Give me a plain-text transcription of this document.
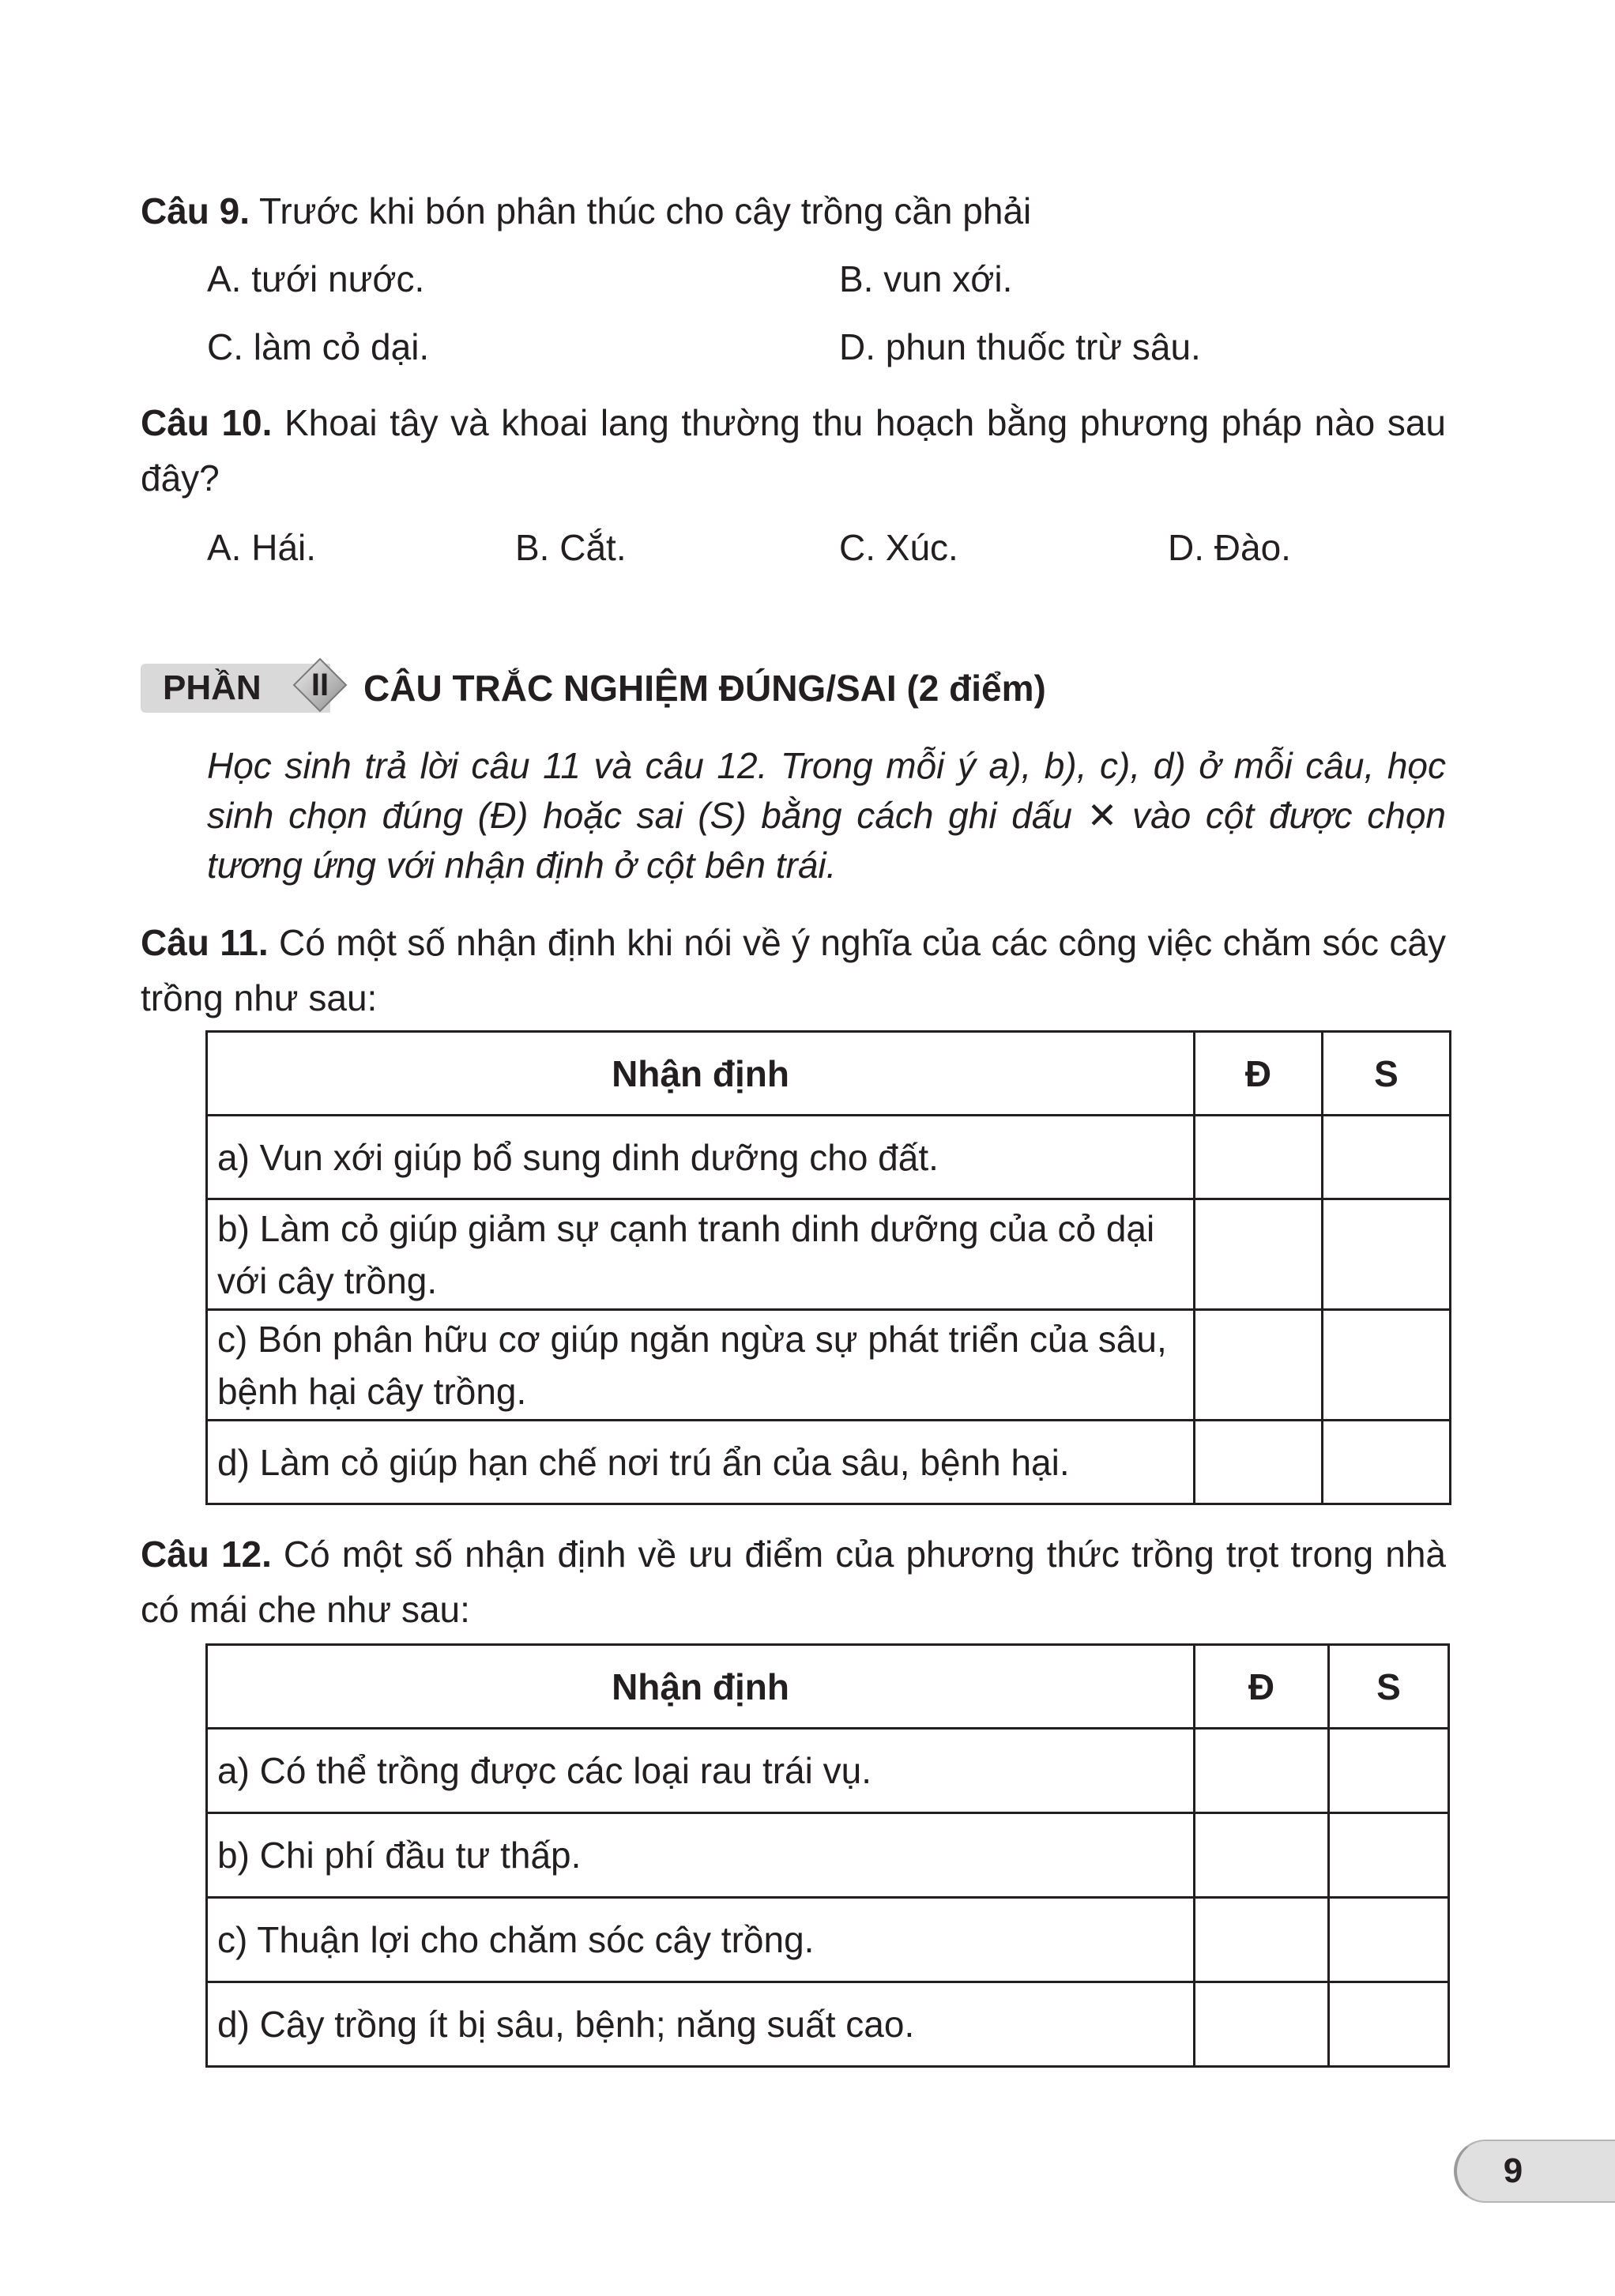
Câu 9. Trước khi bón phân thúc cho cây trồng cần phải
A. tưới nước.	B. vun xới.
C. làm cỏ dại.	D. phun thuốc trừ sâu.
Câu 10. Khoai tây và khoai lang thường thu hoạch bằng phương pháp nào sau đây?
A. Hái.	B. Cắt.	C. Xúc.	D. Đào.
PHẦN	II CÂU TRẮC NGHIỆM ĐÚNG/SAI (2 điểm)
Học sinh trả lời câu 11 và câu 12. Trong mỗi ý a), b), c), d) ở mỗi câu, học sinh chọn đúng (Đ) hoặc sai (S) bằng cách ghi dấu ✕ vào cột được chọn tương ứng với nhận định ở cột bên trái.
Câu 11. Có một số nhận định khi nói về ý nghĩa của các công việc chăm sóc cây trồng như sau:
Nhận định	Đ	S
a) Vun xới giúp bổ sung dinh dưỡng cho đất.		
b) Làm cỏ giúp giảm sự cạnh tranh dinh dưỡng của cỏ dại với cây trồng.		
c) Bón phân hữu cơ giúp ngăn ngừa sự phát triển của sâu, bệnh hại cây trồng.		
d) Làm cỏ giúp hạn chế nơi trú ẩn của sâu, bệnh hại.		
Câu 12. Có một số nhận định về ưu điểm của phương thức trồng trọt trong nhà có mái che như sau:
Nhận định	Đ	S
a) Có thể trồng được các loại rau trái vụ.		
b) Chi phí đầu tư thấp.		
c) Thuận lợi cho chăm sóc cây trồng.		
d) Cây trồng ít bị sâu, bệnh; năng suất cao.		
9
